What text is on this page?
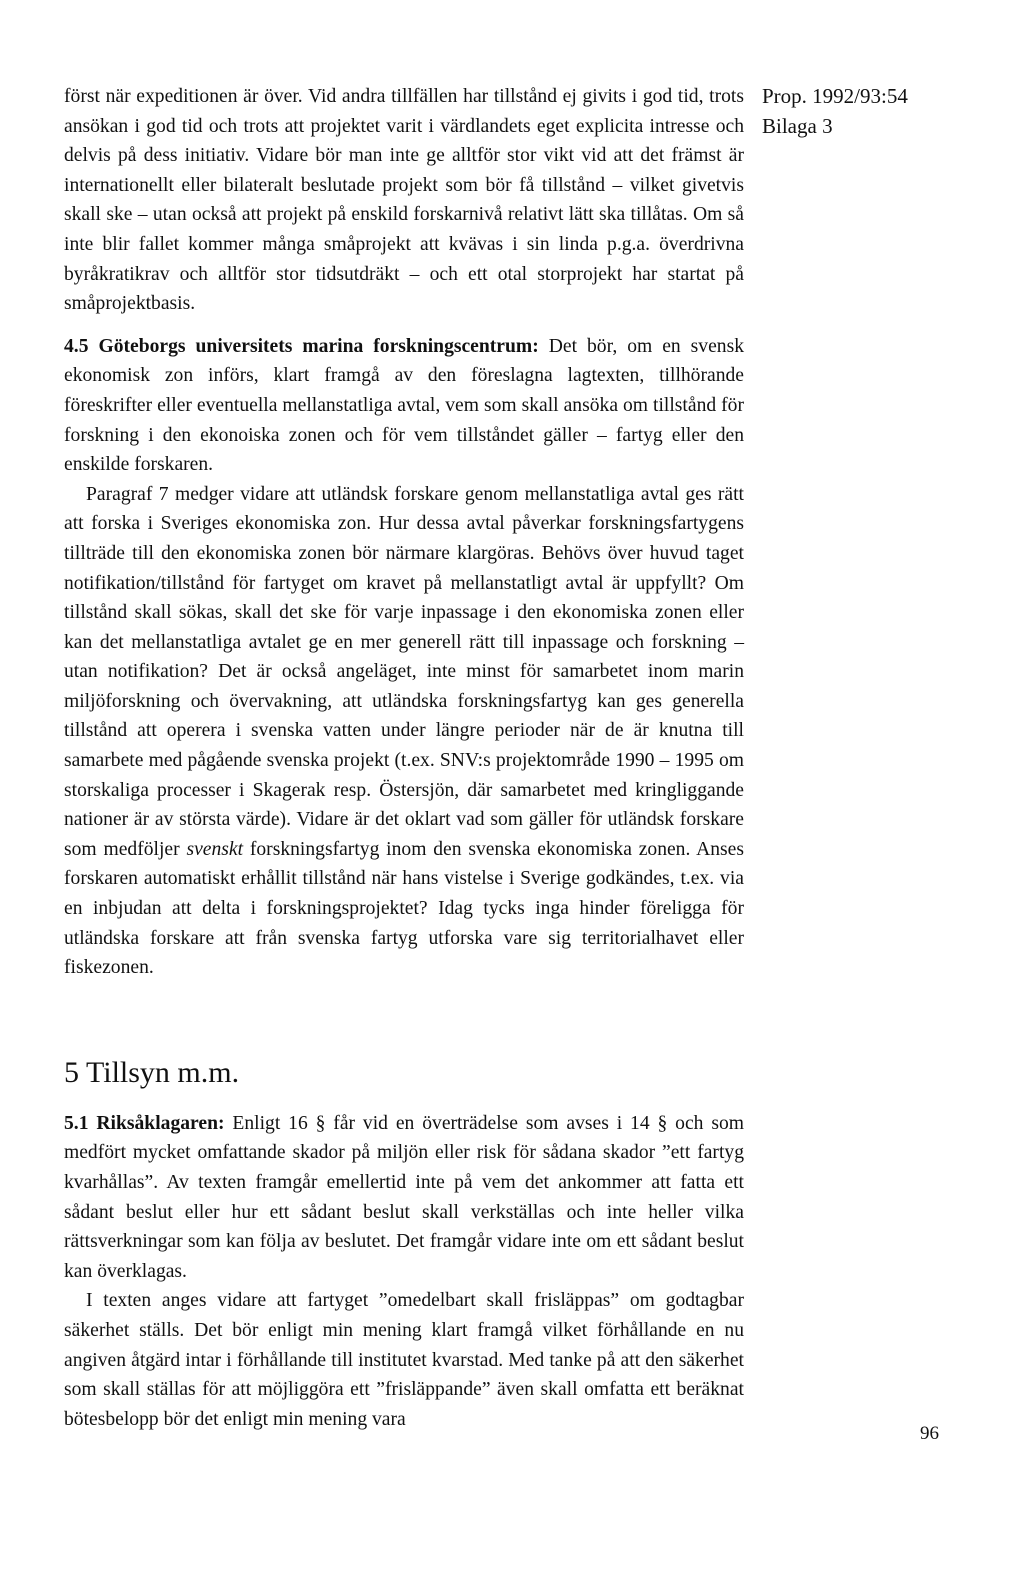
först när expeditionen är över. Vid andra tillfällen har tillstånd ej givits i god tid, trots ansökan i god tid och trots att projektet varit i värdlandets eget explicita intresse och delvis på dess initiativ. Vidare bör man inte ge alltför stor vikt vid att det främst är internationellt eller bilateralt beslutade projekt som bör få tillstånd – vilket givetvis skall ske – utan också att projekt på enskild forskarnivå relativt lätt ska tillåtas. Om så inte blir fallet kommer många småprojekt att kvävas i sin linda p.g.a. överdrivna byråkratikrav och alltför stor tidsutdräkt – och ett otal storprojekt har startat på småprojektbasis.

4.5 Göteborgs universitets marina forskningscentrum: Det bör, om en svensk ekonomisk zon införs, klart framgå av den föreslagna lagtexten, tillhörande föreskrifter eller eventuella mellanstatliga avtal, vem som skall ansöka om tillstånd för forskning i den ekonoiska zonen och för vem tillståndet gäller – fartyg eller den enskilde forskaren.

Paragraf 7 medger vidare att utländsk forskare genom mellanstatliga avtal ges rätt att forska i Sveriges ekonomiska zon. Hur dessa avtal påverkar forskningsfartygens tillträde till den ekonomiska zonen bör närmare klargöras. Behövs över huvud taget notifikation/tillstånd för fartyget om kravet på mellanstatligt avtal är uppfyllt? Om tillstånd skall sökas, skall det ske för varje inpassage i den ekonomiska zonen eller kan det mellanstatliga avtalet ge en mer generell rätt till inpassage och forskning – utan notifikation? Det är också angeläget, inte minst för samarbetet inom marin miljöforskning och övervakning, att utländska forskningsfartyg kan ges generella tillstånd att operera i svenska vatten under längre perioder när de är knutna till samarbete med pågående svenska projekt (t.ex. SNV:s projektområde 1990 – 1995 om storskaliga processer i Skagerak resp. Östersjön, där samarbetet med kringliggande nationer är av största värde). Vidare är det oklart vad som gäller för utländsk forskare som medföljer svenskt forskningsfartyg inom den svenska ekonomiska zonen. Anses forskaren automatiskt erhållit tillstånd när hans vistelse i Sverige godkändes, t.ex. via en inbjudan att delta i forskningsprojektet? Idag tycks inga hinder föreligga för utländska forskare att från svenska fartyg utforska vare sig territorialhavet eller fiskezonen.

5 Tillsyn m.m.

5.1 Riksåklagaren: Enligt 16 § får vid en överträdelse som avses i 14 § och som medfört mycket omfattande skador på miljön eller risk för sådana skador ”ett fartyg kvarhållas”. Av texten framgår emellertid inte på vem det ankommer att fatta ett sådant beslut eller hur ett sådant beslut skall verkställas och inte heller vilka rättsverkningar som kan följa av beslutet. Det framgår vidare inte om ett sådant beslut kan överklagas.

I texten anges vidare att fartyget ”omedelbart skall frisläppas” om godtagbar säkerhet ställs. Det bör enligt min mening klart framgå vilket förhållande en nu angiven åtgärd intar i förhållande till institutet kvarstad. Med tanke på att den säkerhet som skall ställas för att möjliggöra ett ”frisläppande” även skall omfatta ett beräknat bötesbelopp bör det enligt min mening vara

Prop. 1992/93:54
Bilaga 3
96
